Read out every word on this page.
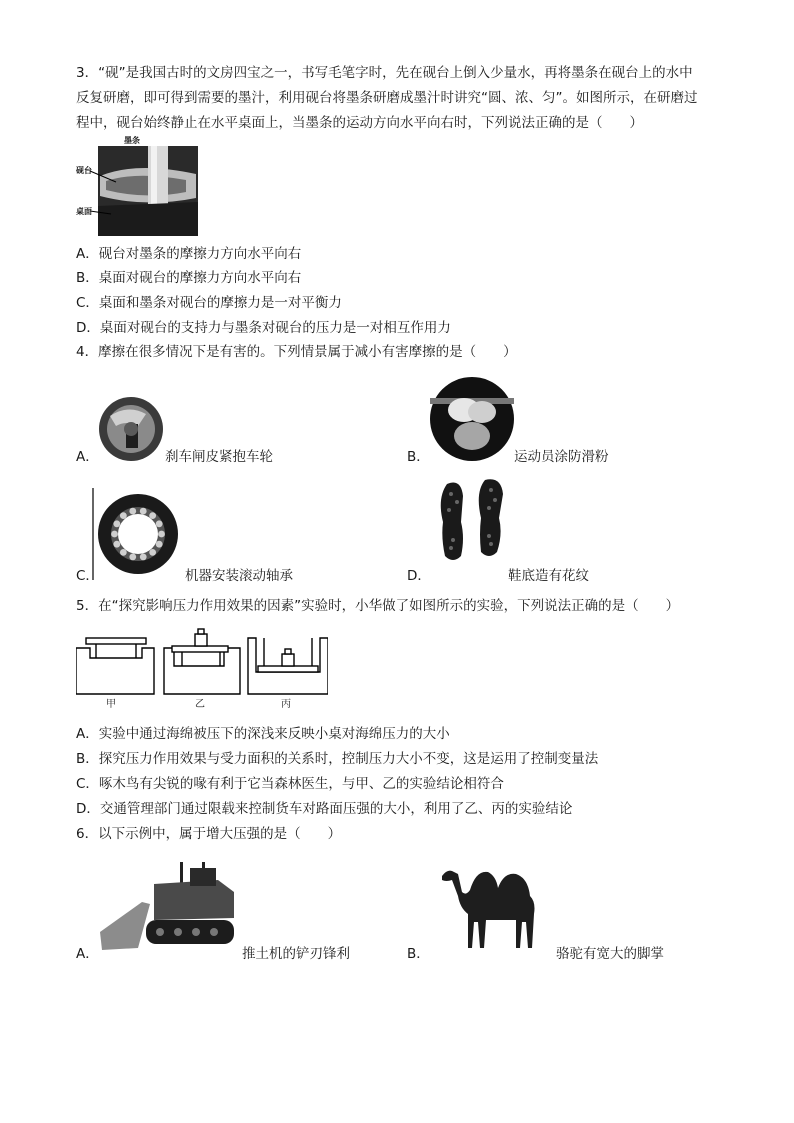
3．“砚”是我国古时的文房四宝之一，书写毛笔字时，先在砚台上倒入少量水，再将墨条在砚台上的水中
反复研磨，即可得到需要的墨汁，利用砚台将墨条研磨成墨汁时讲究“圆、浓、匀”。如图所示，在研磨过
程中，砚台始终静止在水平桌面上，当墨条的运动方向水平向右时，下列说法正确的是（　　）
墨条
砚台
桌面
A．砚台对墨条的摩擦力方向水平向右
B．桌面对砚台的摩擦力方向水平向右
C．桌面和墨条对砚台的摩擦力是一对平衡力
D．桌面对砚台的支持力与墨条对砚台的压力是一对相互作用力
4．摩擦在很多情况下是有害的。下列情景属于减小有害摩擦的是（　　）
A．	刹车闸皮紧抱车轮	B．	运动员涂防滑粉
C．	机器安装滚动轴承	D．	鞋底造有花纹
5．在“探究影响压力作用效果的因素”实验时，小华做了如图所示的实验，下列说法正确的是（　　）
甲	乙	丙
A．实验中通过海绵被压下的深浅来反映小桌对海绵压力的大小
B．探究压力作用效果与受力面积的关系时，控制压力大小不变，这是运用了控制变量法
C．啄木鸟有尖锐的喙有利于它当森林医生，与甲、乙的实验结论相符合
D．交通管理部门通过限载来控制货车对路面压强的大小，利用了乙、丙的实验结论
6．以下示例中，属于增大压强的是（　　）
A．	推土机的铲刃锋利	B．	骆驼有宽大的脚掌
